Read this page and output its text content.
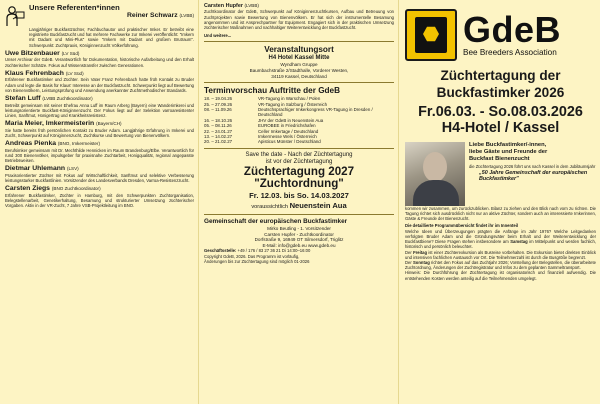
Unsere Referenten*innen
Reiner Schwarz (LVBB)
Langjähriger Buckfastzüchter, Fachbuchautor und praktischer Imker. Er betreibt eine registrierte Buckfastzucht und hat mehrere Fachwerke zur Imkerei veröffentlicht: "Imkern mit Dadant und Mini-Plus" sowie "Imkern mit Dadant und großem Brutraum". Schwerpunkt: Zuchtpraxis, Königinnenzucht Völkerführung.
Uwe Bitzenbauer (LV Süd)
Unser Archivar der GdeB. Verantwortlich für Dokumentation, historische Aufarbeitung und den Erhalt züchterischer Schätze. Fokus auf Wissenstransfer zwischen Generationen.
Klaus Fehrenbach (LV Süd)
Erfahrener Buckfastimker und Züchter. Sein Vater Franz Fehrenbach hatte früh Kontakt zu Bruder Adam und legte die Basis für Klaus' Interesse an der Buckfastzucht. Schwerpunkt liegt auf Bewertung von Bienenvölkern, Leistungsprüfung und Anwendung anerkannter Zuchtmethodischer Standards.
Stefan Luff (LVBB Zuchtkoordinator)
Betreibt gemeinsam mit seiner Ehefrau Anna Luff im Raum Arberg (Bayern) eine Wanderimkerei und leistungsorientierte Buckfast-Königinnenzucht. Der Fokus liegt auf der Selektion varroaresistenter Linien, Sanftmut, Honigertrag und Krankheitsresistenz.
Maria Meier, Imkermeisterin (Bayern/CH)
Sie hatte bereits früh persönlichen Kontakt zu Bruder Adam. Langjährige Erfahrung in Imkerei und Zucht, Schwerpunkt auf Königinnenzucht, Zuchtkurse und Bewertung von Bienenvölkern.
Andreas Pienka (BNO, Imkermeister)
Berufsimker gemeinsam mit Dr. Mechthilde Hennicken im Raum Brandenburg/Elbe. Verantwortlich für rund 300 Bienenvölker, impulsgeber für praxisnahe Zuchtarbeit, Honigqualität, regional angepasste Betriebsweisen.
Dietmar Uhlemann (LSV)
Praxisorientierter Züchter mit Fokus auf Wirtschaftlichkeit, Sanftmut und selektive Verbesserung leistungsstarker Buckfastlinien. Vorsitzender des Landesverbands Dresden, Varroa-Resistenzzucht.
Carsten Ziegs (BNO Zuchtkoordinator)
Erfahrener Buckfastimker, Züchter in Hamburg, mit den Schwerpunkten Zuchtorganisation, Belegstellenarbeit, Genetikerhaltung, Besamung und strukturierter Umsetzung züchterischer Vorgaben. Aktiv in der VR-Zucht, 7 Jahre VSB-Projektleitung im BNO.
Carsten Hupfer (LVBB)
Zuchtkoordinator der GdeB, Schwerpunkt auf Königinnenzuchtkursen, Aufbau und Betreuung von Zuchtprojekten sowie Bewertung von Bienenvölkern. Er hat sich der instrumentelle Besamung angenommen und ist Ansprechpartner für Equipment. Engagiert sich in der praktischen Umsetzung züchterischer Maßnahmen und nachhaltiger Weiterentwicklung der Buckfastzucht.
Und weitere...
Veranstaltungsort
H4 Hotel Kassel Mitte
Wyndham Gruppe
Baumbachstraße 2/Stadthalle, Vorderer Westen,
34119 Kassel, Deutschland
Terminvorschau Auftritte der GdeB
18. – 19.04.26	VR-Tagung in Warschau / Polen
25. – 27.09.26	VR-Tagung in Salzburg / Österreich
08. – 11.09.26	Deutschsprachiger Imkerkongress VR-Tagung in Dresden / Deutschland
16. – 18.10.26	JHV der GdeB in Neuenstein Aua
05. – 08.11.26	EUROBEE in Friedrichshafen
22. – 24.01.27	Celler Imkertage / Deutschland
13. – 14.02.27	Imkermesse Wels / Österreich
20. – 21.02.27	Apisticus Münster / Deutschland
Save the date - Nach der Züchtertagung
ist vor der Züchtertagung
Züchtertagung 2027
"Zuchtordnung"
Fr. 12.03. bis So. 14.03.2027
voraussichtlich Neuenstein Aua
Gemeinschaft der europäischen Buckfastimker
Mirko Beutling - 1. Vorsitzender
Carsten Hupfer - Zuchtkoordinator
Dorfstraße 9, 16949 OT Silmersdorf, Triglitz
E-Mail: info@gdeb.eu www.gdeb.eu
Geschäftsstelle: +49 / 176 / 83 27 36 21 Di 14:00–16:00
Copyright GdeB, 2026. Das Programm ist vorläufig,
Änderungen bis zur Züchtertagung sind möglich 01-2026
GdeB
Bee Breeders Association
Züchtertagung der
Buckfastimker 2026
Fr.06.03. - So.08.03.2026
H4-Hotel / Kassel
Liebe Buckfastimker/-innen,
liebe Gäste und Freunde der
Buckfast Bienenzucht
die Züchtertagung 2026 führt uns nach Kassel in dem Jubiläumsjahr
„50 Jahre Gemeinschaft der europäischen Buckfastimker"
kommen wir zusammen, um zurückzublicken. Bilanz zu ziehen und den Blick nach vorn zu richten. Die Tagung richtet sich ausdrücklich nicht nur an aktive Züchter, sondern auch an interessierte Imkerinnen, Gäste & Freunde der Bienenzucht.
Die detaillierte Programmübersicht findet ihr im Innenteil
Welche Ideen und Überzeugungen prägten die Anfänge im Jahr 1976? Welche Leitgedanken verfolgten Bruder Adam und die Gründungsväter beim Erhalt und der Weiterentwicklung der Buckfastbiene? Diese Fragen stehen insbesondere am Samstag im Mittelpunkt und werden fachlich, historisch und persönlich beleuchtet.
Der Freitag ist einer Züchterexkursion als Busreise vorbehalten. Die Exkursion bietet direkten Einblick und intensiven fachlichen Austausch vor Ort. Die Teilnehmerzahl ist durch die Busgröße begrenzt.
Der Sonntag richtet den Fokus auf das Zuchtjahr 2026; Vorstellung der Belegstellen, die überarbeitete Zuchtordnung, Änderungen der Zuchtregistratur und Infos zu dem geplanten Sammeltransport.
Hinweis: Die Durchführung der Züchtertagung ist organisatorisch und finanziell aufwendig. Die entstehenden Kosten werden anteilig auf die Teilnehmenden umgelegt.
